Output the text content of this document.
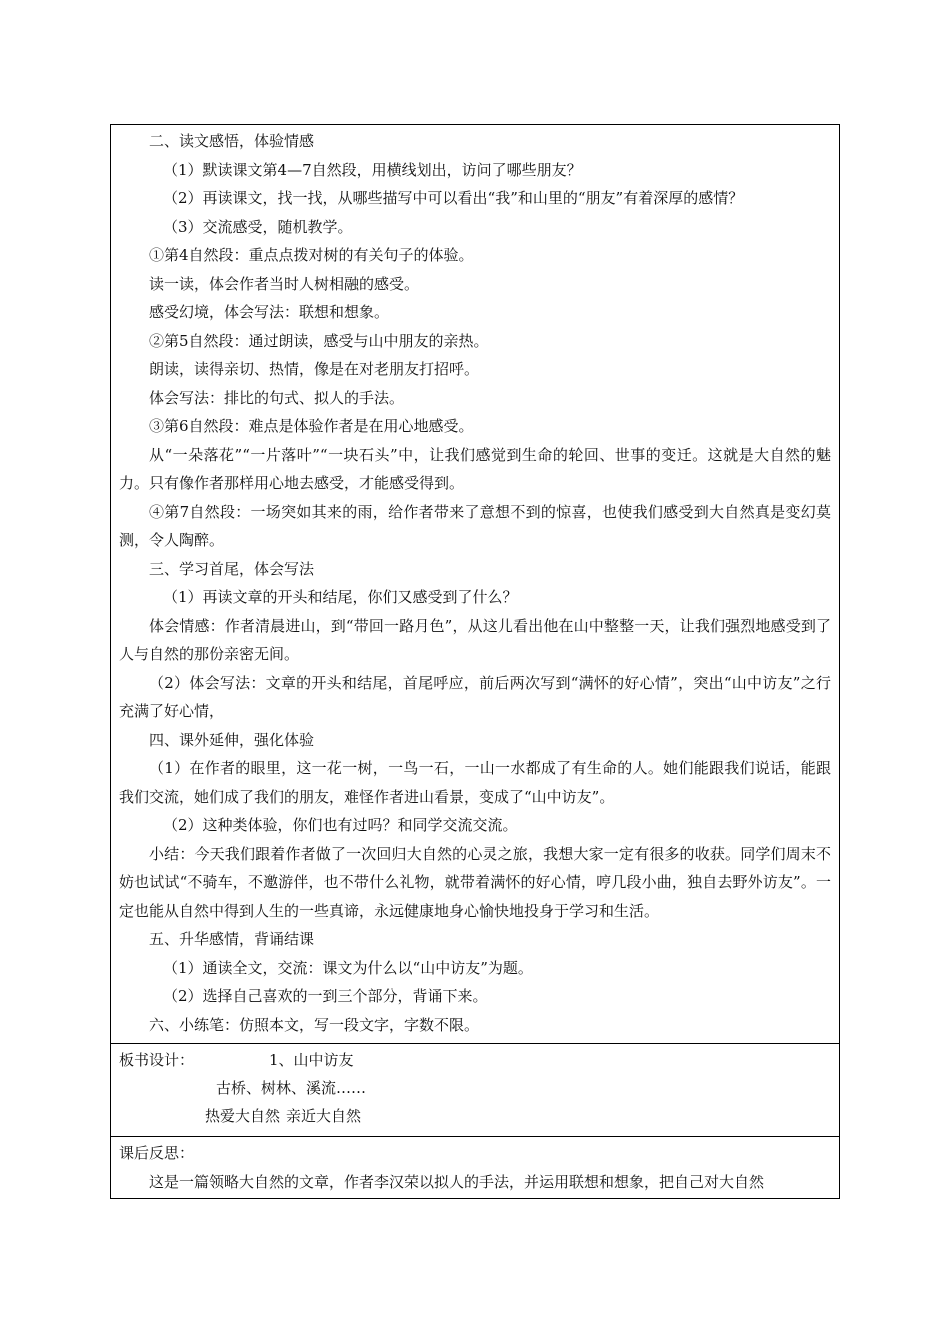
二、读文感悟，体验情感
（1）默读课文第4—7自然段，用横线划出，访问了哪些朋友？
（2）再读课文，找一找，从哪些描写中可以看出“我”和山里的“朋友”有着深厚的感情？
（3）交流感受，随机教学。
①第4自然段：重点点拨对树的有关句子的体验。
读一读，体会作者当时人树相融的感受。
感受幻境，体会写法：联想和想象。
②第5自然段：通过朗读，感受与山中朋友的亲热。
朗读，读得亲切、热情，像是在对老朋友打招呼。
体会写法：排比的句式、拟人的手法。
③第6自然段：难点是体验作者是在用心地感受。
从“一朵落花”“一片落叶”“一块石头”中，让我们感觉到生命的轮回、世事的变迁。这就是大自然的魅力。只有像作者那样用心地去感受，才能感受得到。
④第7自然段：一场突如其来的雨，给作者带来了意想不到的惊喜，也使我们感受到大自然真是变幻莫测，令人陶醉。
三、学习首尾，体会写法
（1）再读文章的开头和结尾，你们又感受到了什么？
体会情感：作者清晨进山，到“带回一路月色”，从这儿看出他在山中整整一天，让我们强烈地感受到了人与自然的那份亲密无间。
（2）体会写法：文章的开头和结尾，首尾呼应，前后两次写到“满怀的好心情”，突出“山中访友”之行充满了好心情，
四、课外延伸，强化体验
（1）在作者的眼里，这一花一树，一鸟一石，一山一水都成了有生命的人。她们能跟我们说话，能跟我们交流，她们成了我们的朋友，难怪作者进山看景，变成了“山中访友”。
（2）这种类体验，你们也有过吗？和同学交流交流。
小结：今天我们跟着作者做了一次回归大自然的心灵之旅，我想大家一定有很多的收获。同学们周末不妨也试试“不骑车，不邀游伴，也不带什么礼物，就带着满怀的好心情，哼几段小曲，独自去野外访友”。一定也能从自然中得到人生的一些真谛，永远健康地身心愉快地投身于学习和生活。
五、升华感情，背诵结课
（1）通读全文，交流：课文为什么以“山中访友”为题。
（2）选择自己喜欢的一到三个部分，背诵下来。
六、小练笔：仿照本文，写一段文字，字数不限。
板书设计：	1、山中访友
古桥、树林、溪流……
热爱大自然 亲近大自然
课后反思：
这是一篇领略大自然的文章，作者李汉荣以拟人的手法，并运用联想和想象，把自己对大自然
